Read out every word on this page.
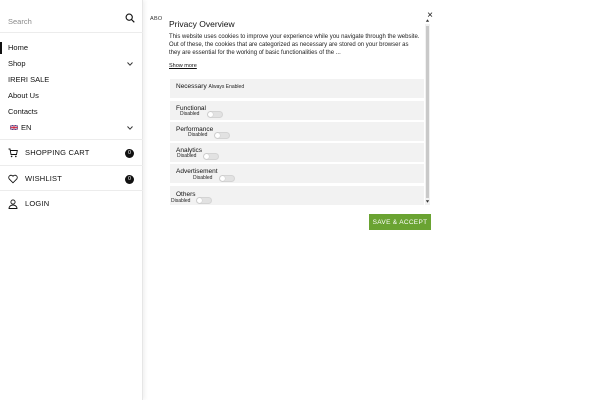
Search
Home
Shop
IRERI SALE
About Us
Contacts
EN
SHOPPING CART	0
WISHLIST	0
LOGIN
ABO	×
Privacy Overview
This website uses cookies to improve your experience while you navigate through the website. Out of these, the cookies that are categorized as necessary are stored on your browser as they are essential for the working of basic functionalities of the ...
Show more
Necessary Always Enabled
Functional
Disabled
Performance
Disabled
Analytics
Disabled
Advertisement
Disabled
Others
Disabled
SAVE & ACCEPT
